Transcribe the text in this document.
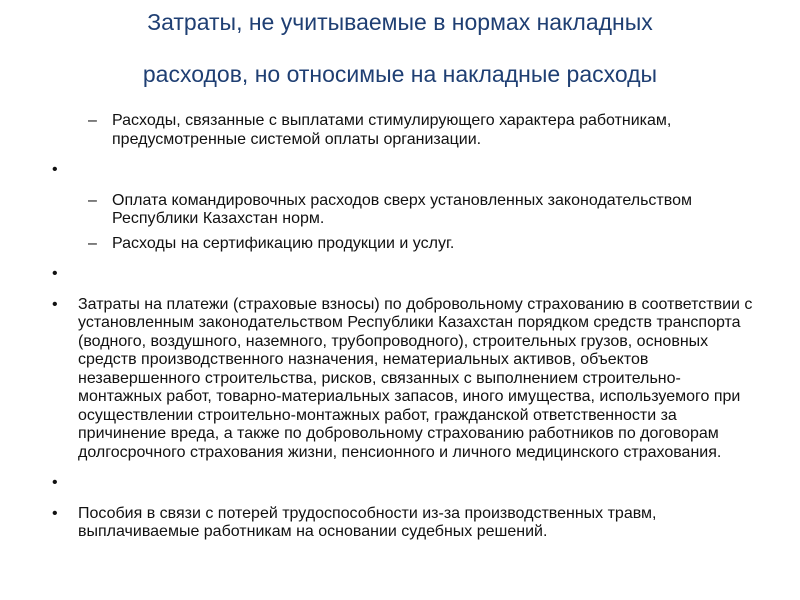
Затраты, не учитываемые в нормах накладных
расходов, но относимые на накладные расходы
– Расходы, связанные с выплатами стимулирующего характера работникам, предусмотренные системой оплаты организации.
•

– Оплата командировочных расходов сверх установленных законодательством Республики Казахстан норм.
– Расходы на сертификацию продукции и услуг.
•

•	Затраты на платежи (страховые взносы) по добровольному страхованию в соответствии с установленным законодательством Республики Казахстан порядком средств транспорта (водного, воздушного, наземного, трубопроводного), строительных грузов, основных средств производственного назначения, нематериальных активов, объектов незавершенного строительства, рисков, связанных с выполнением строительно-монтажных работ, товарно-материальных запасов, иного имущества, используемого при осуществлении строительно-монтажных работ, гражданской ответственности за причинение вреда, а также по добровольному страхованию работников по договорам долгосрочного страхования жизни, пенсионного и личного медицинского страхования.
•

•	Пособия в связи с потерей трудоспособности из-за производственных травм, выплачиваемые работникам на основании судебных решений.
